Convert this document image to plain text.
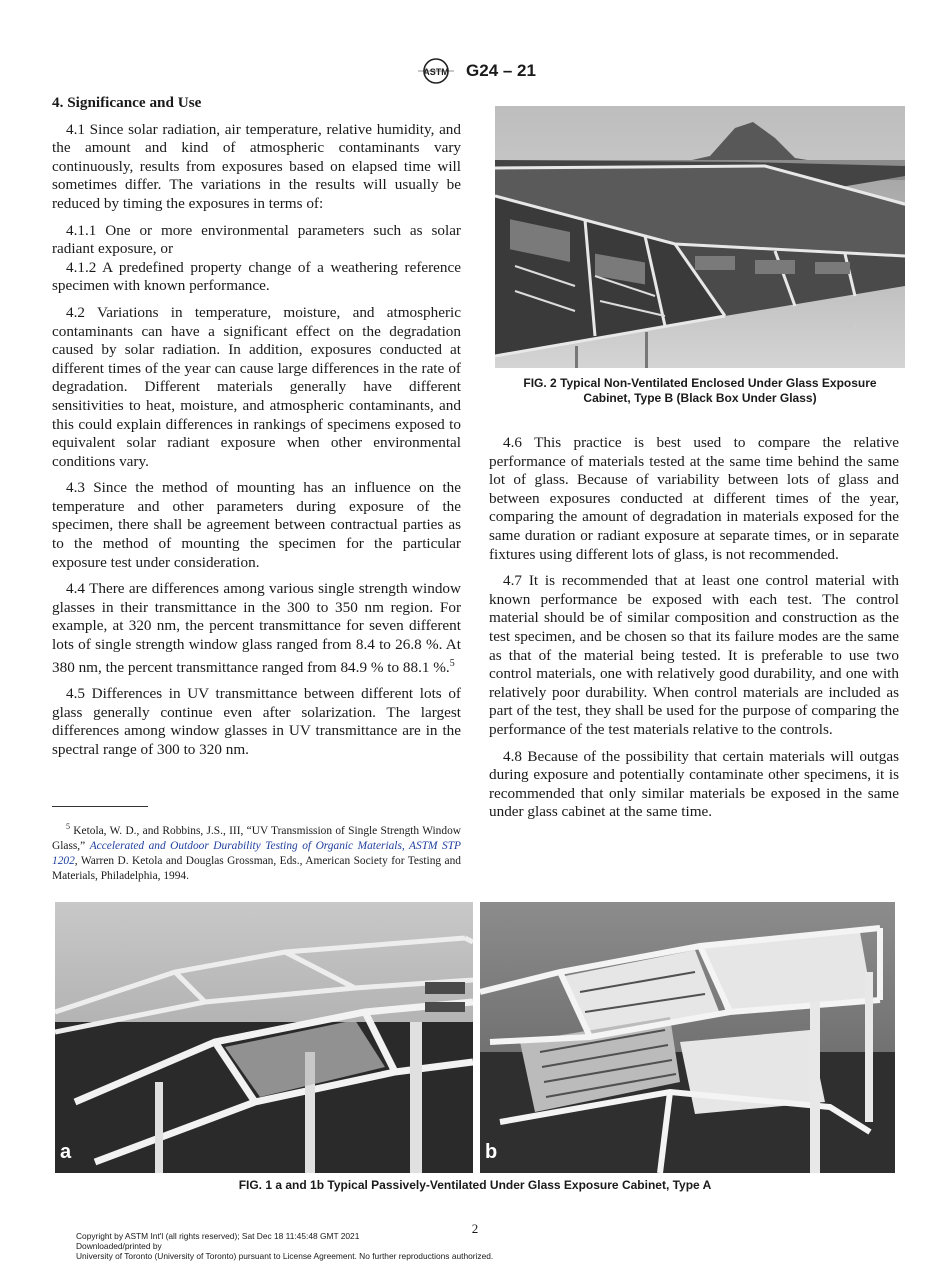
ASTM G24 – 21
4. Significance and Use

4.1 Since solar radiation, air temperature, relative humidity, and the amount and kind of atmospheric contaminants vary continuously, results from exposures based on elapsed time will sometimes differ. The variations in the results will usually be reduced by timing the exposures in terms of:

4.1.1 One or more environmental parameters such as solar radiant exposure, or

4.1.2 A predefined property change of a weathering reference specimen with known performance.

4.2 Variations in temperature, moisture, and atmospheric contaminants can have a significant effect on the degradation caused by solar radiation. In addition, exposures conducted at different times of the year can cause large differences in the rate of degradation. Different materials generally have different sensitivities to heat, moisture, and atmospheric contaminants, and this could explain differences in rankings of specimens exposed to equivalent solar radiant exposure when other environmental conditions vary.

4.3 Since the method of mounting has an influence on the temperature and other parameters during exposure of the specimen, there shall be agreement between contractual parties as to the method of mounting the specimen for the particular exposure test under consideration.

4.4 There are differences among various single strength window glasses in their transmittance in the 300 to 350 nm region. For example, at 320 nm, the percent transmittance for seven different lots of single strength window glass ranged from 8.4 to 26.8 %. At 380 nm, the percent transmittance ranged from 84.9 % to 88.1 %.$^5$

4.5 Differences in UV transmittance between different lots of glass generally continue even after solarization. The largest differences among window glasses in UV transmittance are in the spectral range of 300 to 320 nm.

$^5$ Ketola, W. D., and Robbins, J.S., III, “UV Transmission of Single Strength Window Glass,” Accelerated and Outdoor Durability Testing of Organic Materials, ASTM STP 1202, Warren D. Ketola and Douglas Grossman, Eds., American Society for Testing and Materials, Philadelphia, 1994.
FIG. 2 Typical Non-Ventilated Enclosed Under Glass Exposure
Cabinet, Type B (Black Box Under Glass)

4.6 This practice is best used to compare the relative performance of materials tested at the same time behind the same lot of glass. Because of variability between lots of glass and between exposures conducted at different times of the year, comparing the amount of degradation in materials exposed for the same duration or radiant exposure at separate times, or in separate fixtures using different lots of glass, is not recommended.

4.7 It is recommended that at least one control material with known performance be exposed with each test. The control material should be of similar composition and construction as the test specimen, and be chosen so that its failure modes are the same as that of the material being tested. It is preferable to use two control materials, one with relatively good durability, and one with relatively poor durability. When control materials are included as part of the test, they shall be used for the purpose of comparing the performance of the test materials relative to the controls.

4.8 Because of the possibility that certain materials will outgas during exposure and potentially contaminate other specimens, it is recommended that only similar materials be exposed in the same under glass cabinet at the same time.

a	b
FIG. 1 a and 1b Typical Passively-Ventilated Under Glass Exposure Cabinet, Type A
2
Copyright by ASTM Int'l (all rights reserved); Sat Dec 18 11:45:48 GMT 2021
Downloaded/printed by
University of Toronto (University of Toronto) pursuant to License Agreement. No further reproductions authorized.
